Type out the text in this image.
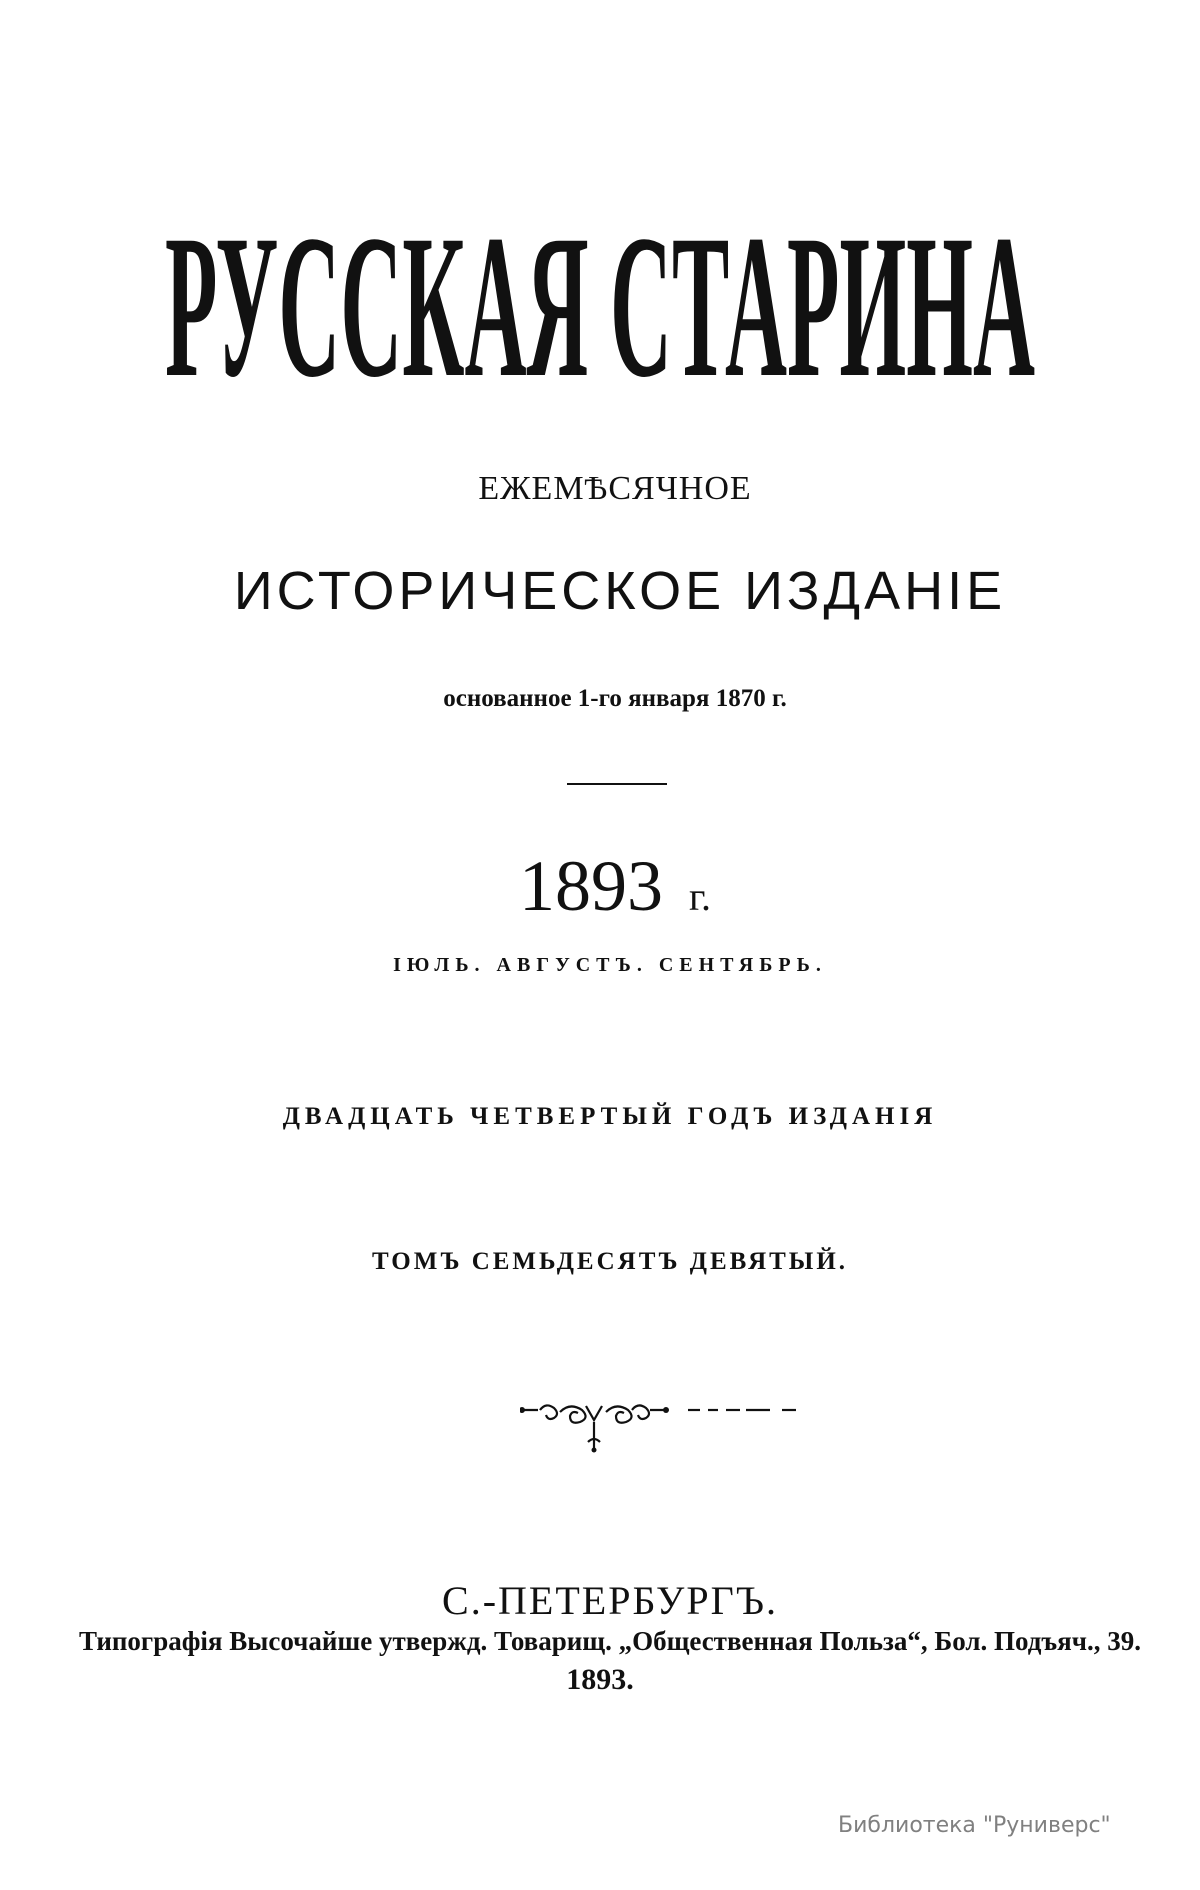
РУССКАЯ СТАРИНА
ЕЖЕМѢСЯЧНОЕ
ИСТОРИЧЕСКОЕ ИЗДАНІЕ
основанное 1-го января 1870 г.
1893 г.
ІЮЛЬ. АВГУСТЪ. СЕНТЯБРЬ.
ДВАДЦАТЬ ЧЕТВЕРТЫЙ ГОДЪ ИЗДАНІЯ
ТОМЪ СЕМЬДЕСЯТЪ ДЕВЯТЫЙ.
С.-ПЕТЕРБУРГЪ.
Типографія Высочайше утвержд. Товарищ. „Общественная Польза“, Бол. Подъяч., 39.
1893.
Библиотека "Руниверс"
